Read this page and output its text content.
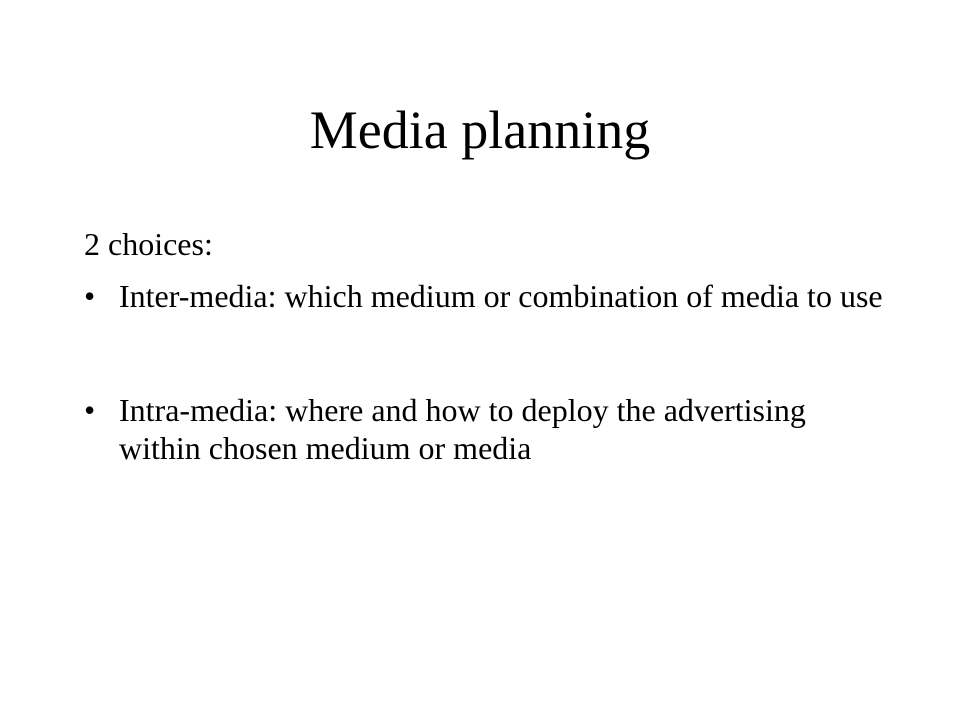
Media planning

2 choices:

• Inter-media: which medium or combination of media to use
• Intra-media: where and how to deploy the advertising within chosen medium or media
